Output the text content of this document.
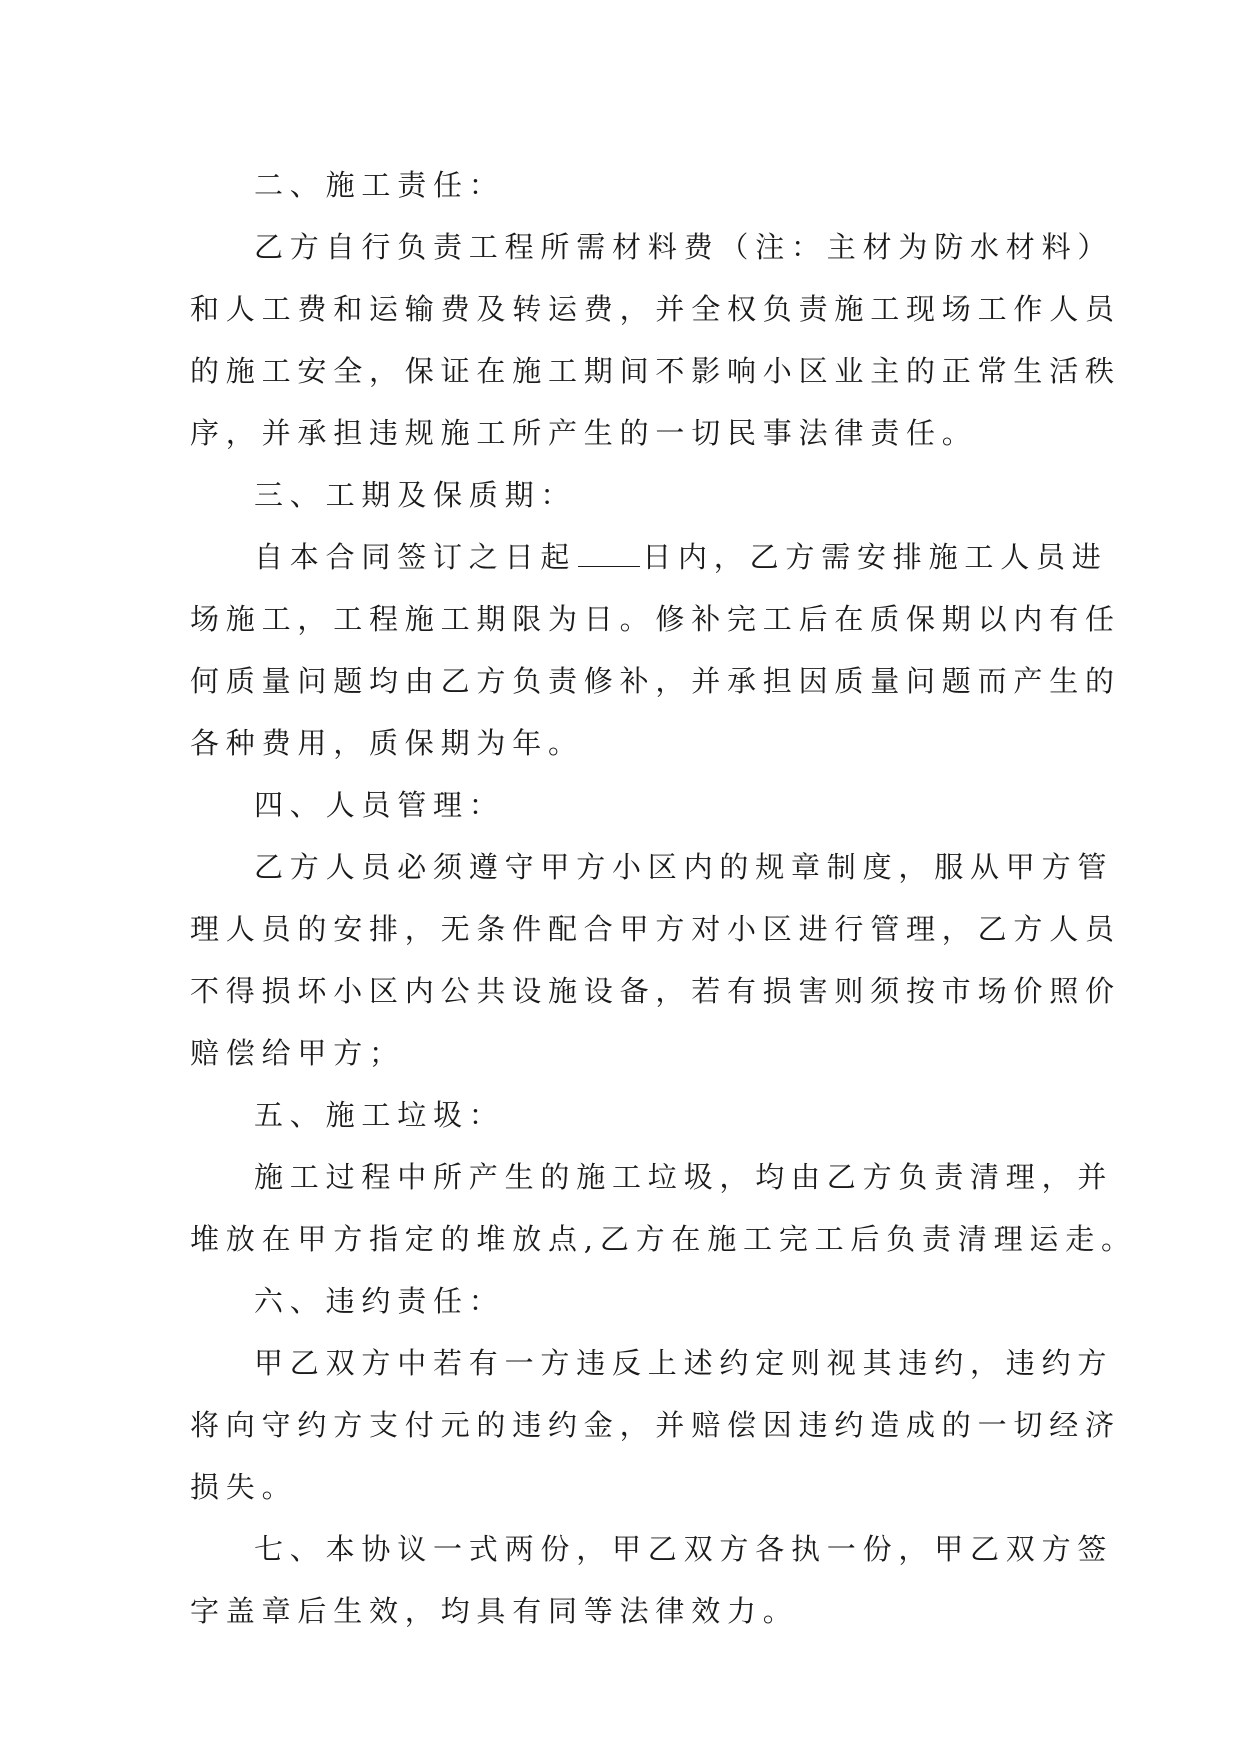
二、施工责任：
乙方自行负责工程所需材料费（注：主材为防水材料）
和人工费和运输费及转运费，并全权负责施工现场工作人员
的施工安全，保证在施工期间不影响小区业主的正常生活秩
序，并承担违规施工所产生的一切民事法律责任。
三、工期及保质期：
自本合同签订之日起 日内，乙方需安排施工人员进
场施工，工程施工期限为日。修补完工后在质保期以内有任
何质量问题均由乙方负责修补，并承担因质量问题而产生的
各种费用，质保期为年。
四、人员管理：
乙方人员必须遵守甲方小区内的规章制度，服从甲方管
理人员的安排，无条件配合甲方对小区进行管理，乙方人员
不得损坏小区内公共设施设备，若有损害则须按市场价照价
赔偿给甲方；
五、施工垃圾：
施工过程中所产生的施工垃圾，均由乙方负责清理，并
堆放在甲方指定的堆放点,乙方在施工完工后负责清理运走。
六、违约责任：
甲乙双方中若有一方违反上述约定则视其违约，违约方
将向守约方支付元的违约金，并赔偿因违约造成的一切经济
损失。
七、本协议一式两份，甲乙双方各执一份，甲乙双方签
字盖章后生效，均具有同等法律效力。
